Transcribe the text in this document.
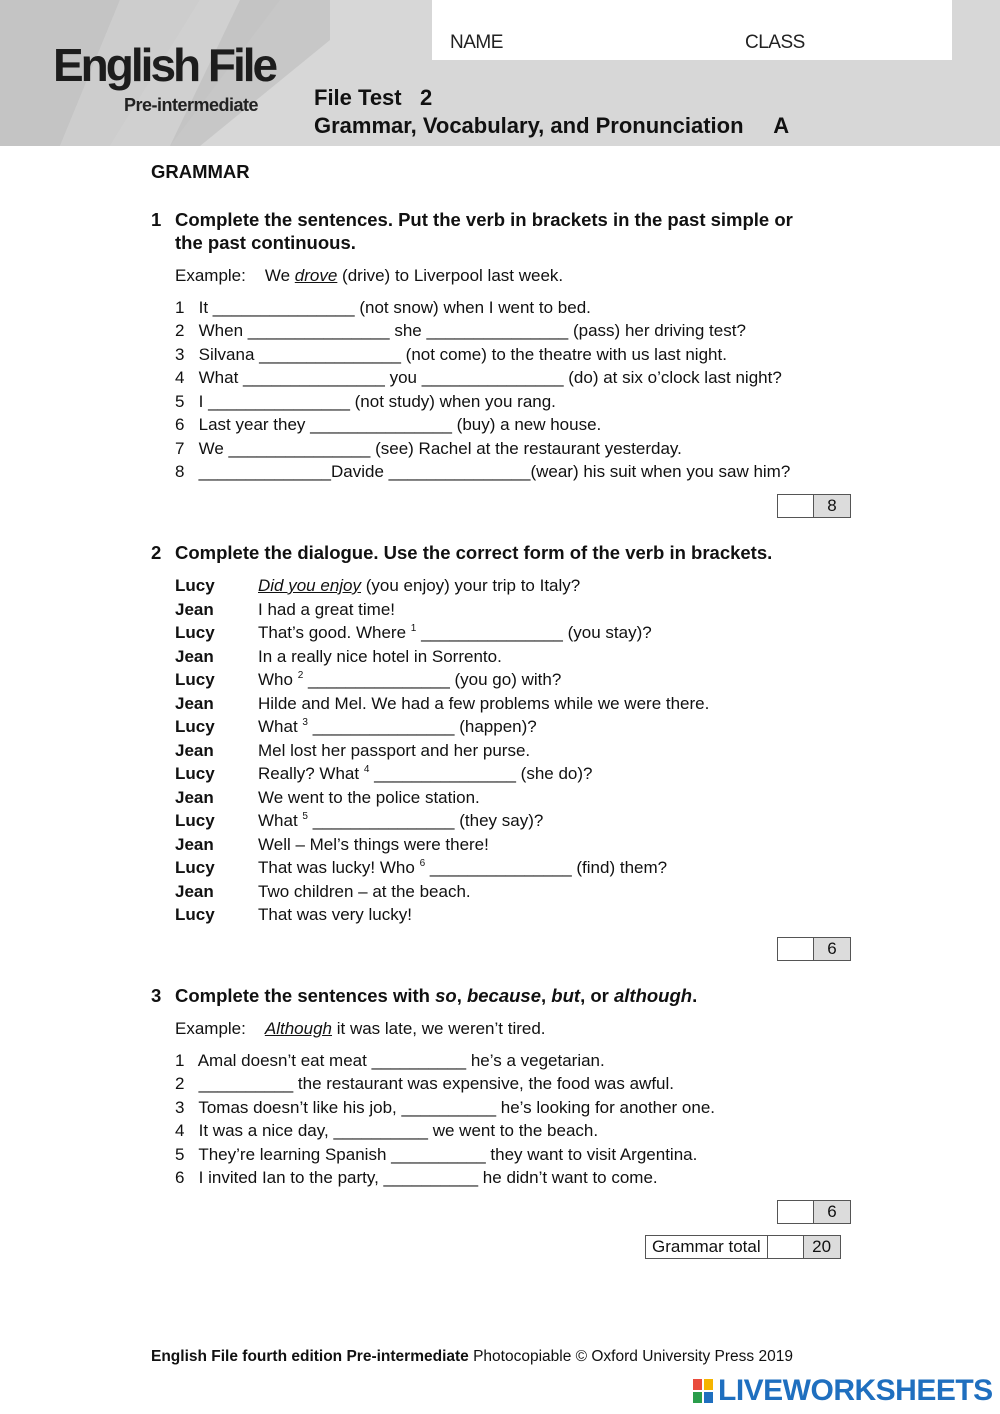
NAME	CLASS
English File
Pre-intermediate	File Test   2
Grammar, Vocabulary, and Pronunciation     A
GRAMMAR
1 Complete the sentences. Put the verb in brackets in the past simple or
the past continuous.
Example: We drove (drive) to Liverpool last week.
1 It _______________ (not snow) when I went to bed.
2 When _______________ she _______________ (pass) her driving test?
3 Silvana _______________ (not come) to the theatre with us last night.
4 What _______________ you _______________ (do) at six o’clock last night?
5 I _______________ (not study) when you rang.
6 Last year they _______________ (buy) a new house.
7 We _______________ (see) Rachel at the restaurant yesterday.
8 ______________Davide _______________(wear) his suit when you saw him?
8
2 Complete the dialogue. Use the correct form of the verb in brackets.
Lucy	Did you enjoy (you enjoy) your trip to Italy?
Jean	I had a great time!
Lucy	That’s good. Where $^1$ _______________ (you stay)?
Jean	In a really nice hotel in Sorrento.
Lucy	Who $^2$ _______________ (you go) with?
Jean	Hilde and Mel. We had a few problems while we were there.
Lucy	What $^3$ _______________ (happen)?
Jean	Mel lost her passport and her purse.
Lucy	Really? What $^4$ _______________ (she do)?
Jean	We went to the police station.
Lucy	What $^5$ _______________ (they say)?
Jean	Well – Mel’s things were there!
Lucy	That was lucky! Who $^6$ _______________ (find) them?
Jean	Two children – at the beach.
Lucy	That was very lucky!
6
3 Complete the sentences with so, because, but, or although.
Example: Although it was late, we weren’t tired.
1 Amal doesn’t eat meat __________ he’s a vegetarian.
2 __________ the restaurant was expensive, the food was awful.
3 Tomas doesn’t like his job, __________ he’s looking for another one.
4 It was a nice day, __________ we went to the beach.
5 They’re learning Spanish __________ they want to visit Argentina.
6 I invited Ian to the party, __________ he didn’t want to come.
6
Grammar total	20
English File fourth edition Pre-intermediate Photocopiable © Oxford University Press 2019
LIVEWORKSHEETS
